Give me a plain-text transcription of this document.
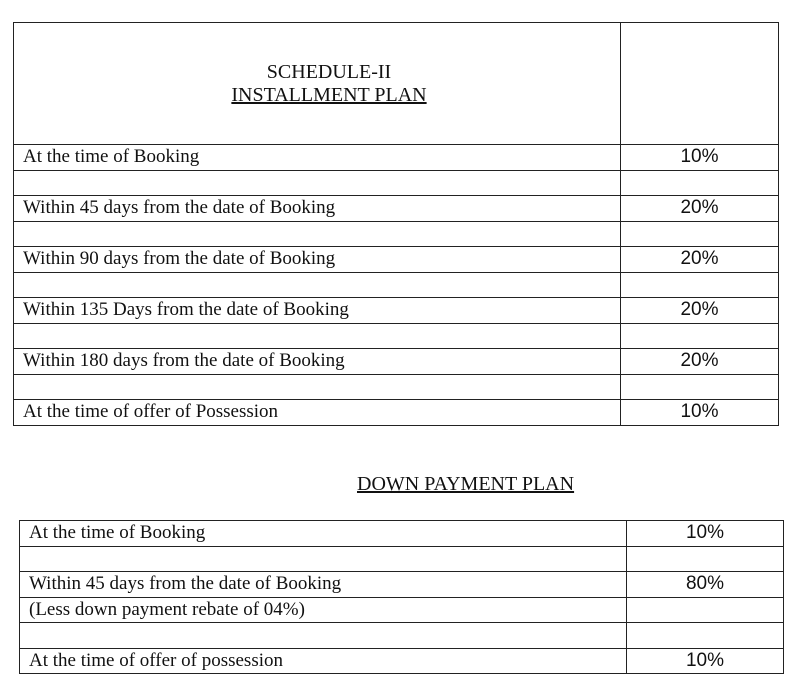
SCHEDULE-II
INSTALLMENT PLAN	

At the time of Booking	10%

Within 45 days from the date of Booking	20%

Within 90 days from the date of Booking	20%

Within 135 Days from the date of Booking	20%

Within 180 days from the date of Booking	20%

At the time of offer of Possession	10%
DOWN PAYMENT PLAN
At the time of Booking	10%

Within 45 days from the date of Booking	80%
(Less down payment rebate of 04%)	

At the time of offer of possession	10%
